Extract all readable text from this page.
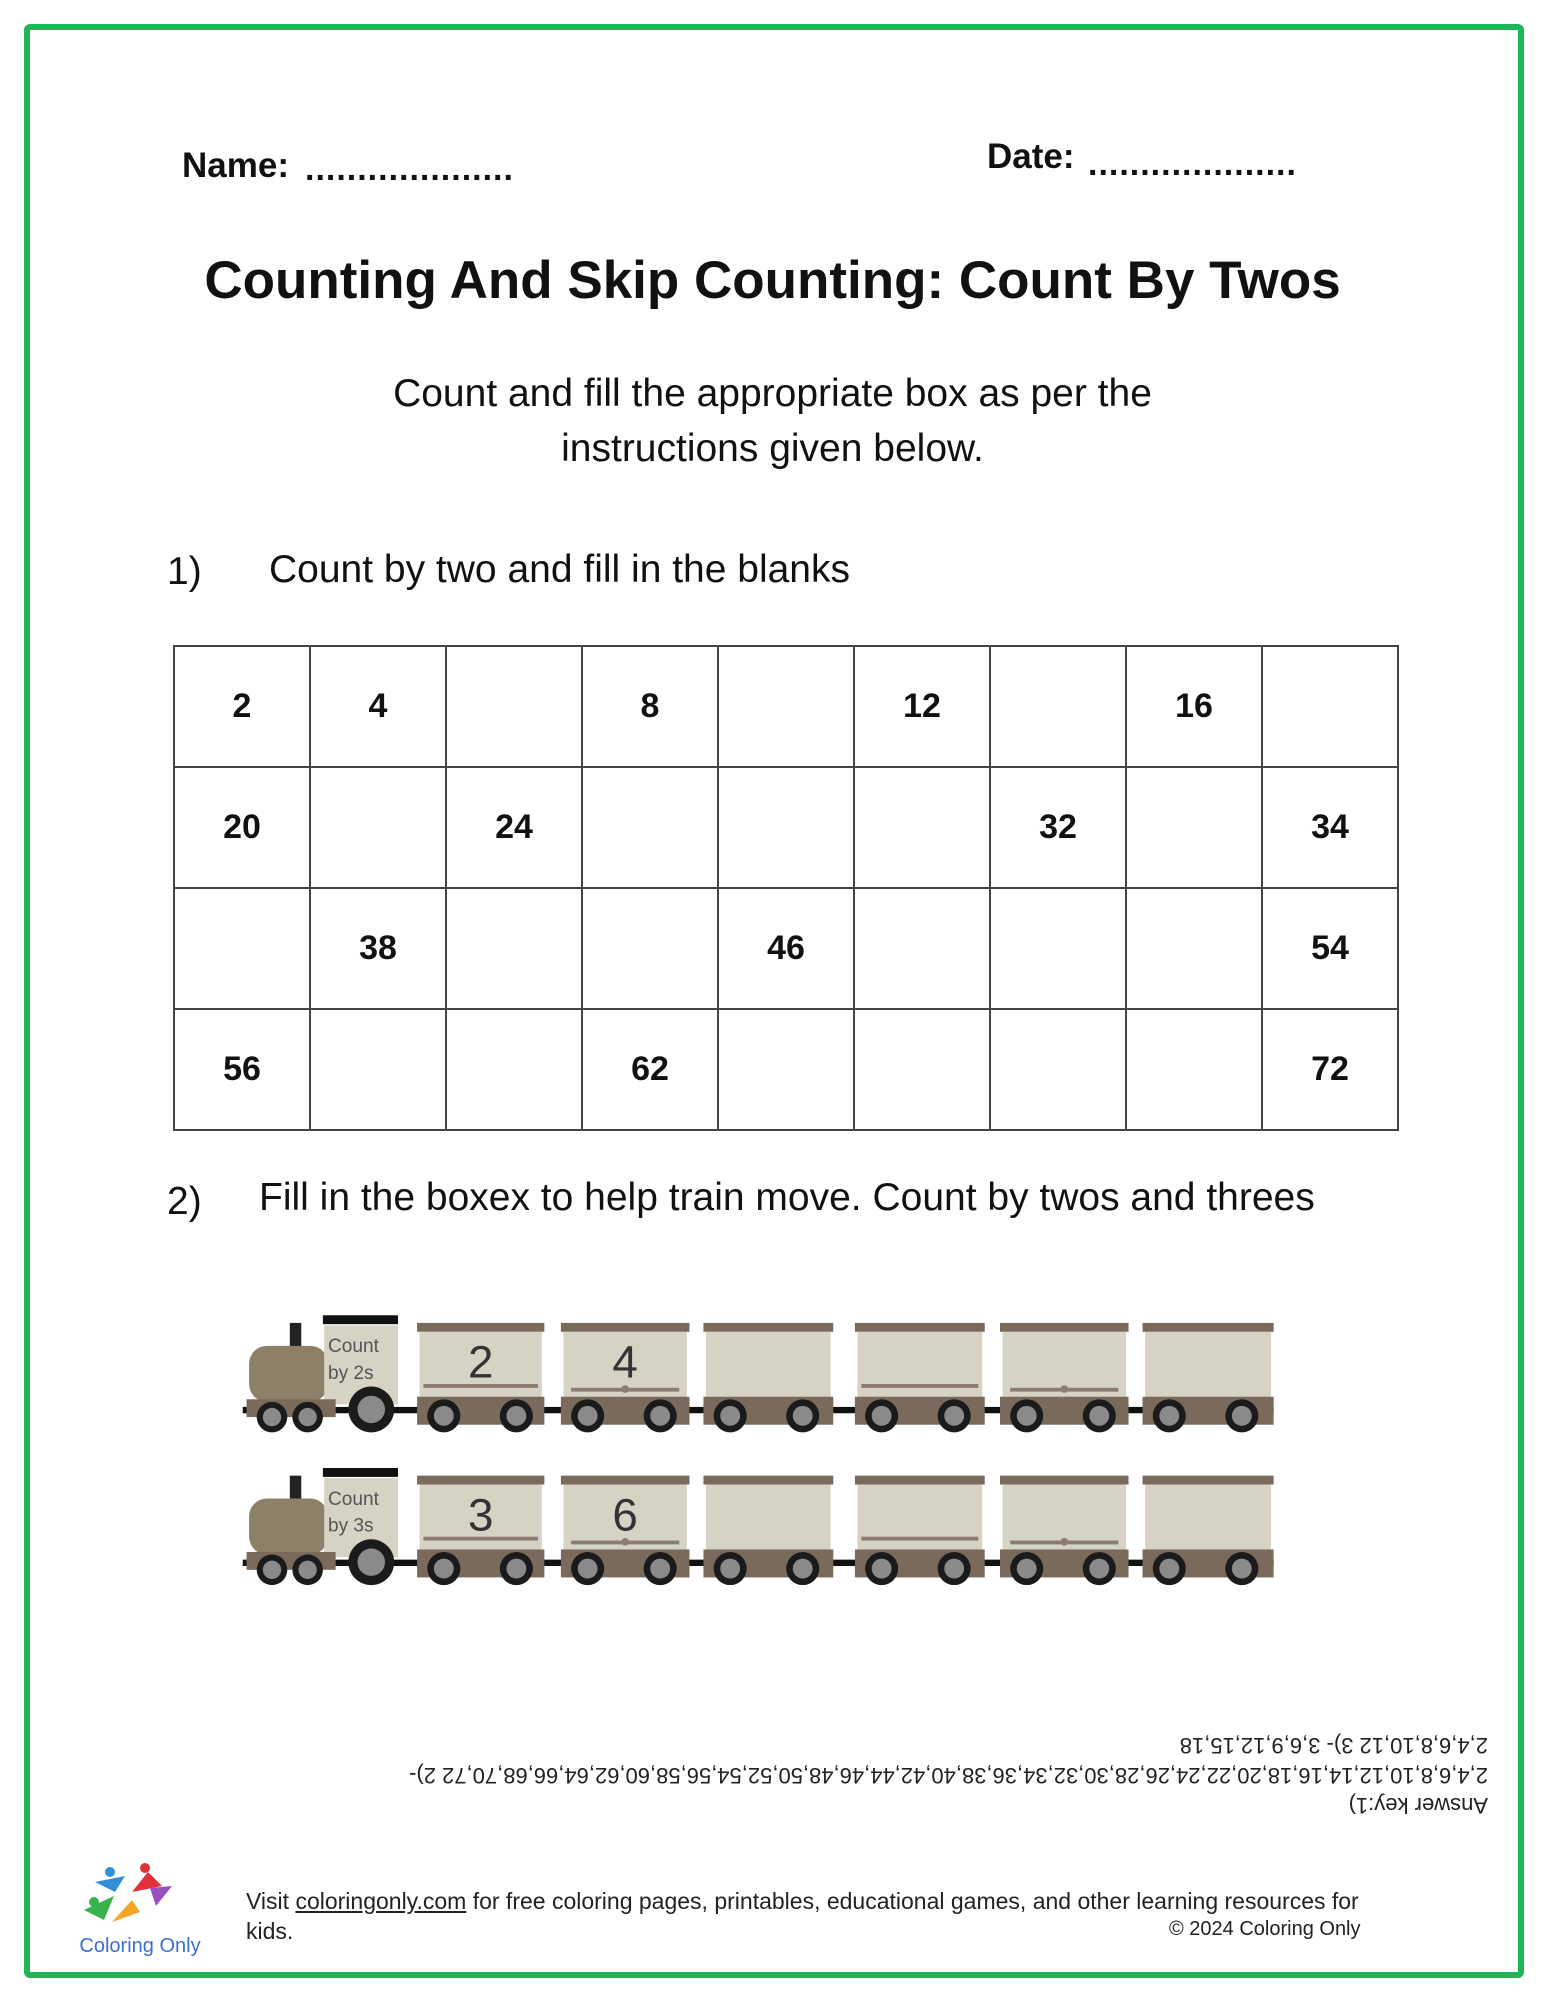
Name: ....................	Date: ....................
Counting And Skip Counting: Count By Twos
Count and fill the appropriate box as per the
instructions given below.
1) Count by two and fill in the blanks
2	4		8		12		16	
20		24				32		34
	38			46				54
56			62					72
2) Fill in the boxex to help train move. Count by twos and threes
Count
by 2s	2	4
Count
by 3s	3	6
Answer key:1)
2,4,6,8,10,12,14,16,18,20,22,24,26,28,30,32,34,36,38,40,42,44,46,48,50,52,54,56,58,60,62,64,66,68,70,72 2)-
2,4,6,8,10,12 3)- 3,6,9,12,15,18
Coloring Only
Visit coloringonly.com for free coloring pages, printables, educational games, and other learning resources for
kids.	© 2024 Coloring Only
